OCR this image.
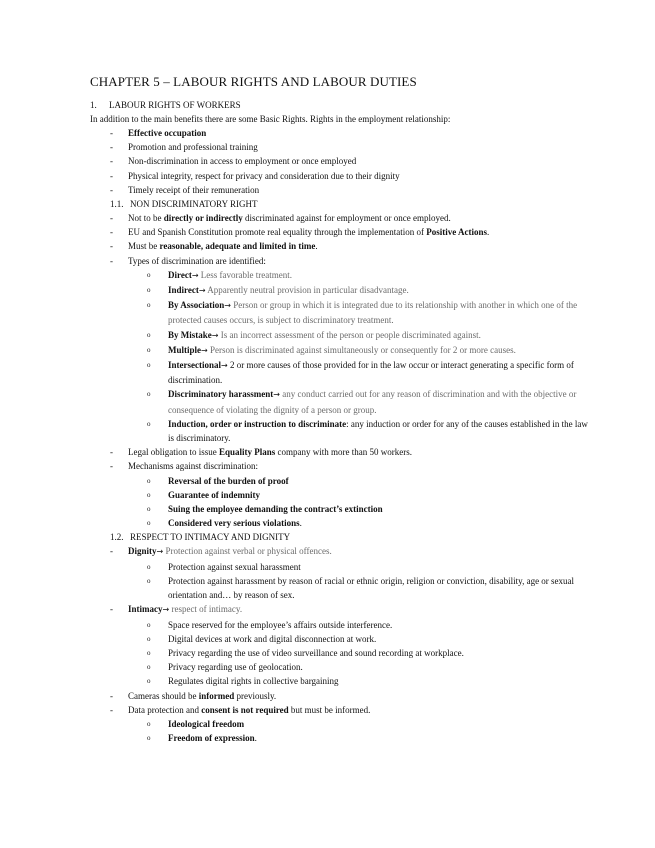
CHAPTER 5 – LABOUR RIGHTS AND LABOUR DUTIES

1. LABOUR RIGHTS OF WORKERS

In addition to the main benefits there are some Basic Rights. Rights in the employment relationship:

- Effective occupation
- Promotion and professional training
- Non-discrimination in access to employment or once employed
- Physical integrity, respect for privacy and consideration due to their dignity
- Timely receipt of their remuneration

1.1. NON DISCRIMINATORY RIGHT

- Not to be directly or indirectly discriminated against for employment or once employed.
- EU and Spanish Constitution promote real equality through the implementation of Positive Actions.
- Must be reasonable, adequate and limited in time.
- Types of discrimination are identified:
o Direct→ Less favorable treatment.
o Indirect→ Apparently neutral provision in particular disadvantage.
o By Association→ Person or group in which it is integrated due to its relationship with another in which one of the protected causes occurs, is subject to discriminatory treatment.
o By Mistake→ Is an incorrect assessment of the person or people discriminated against.
o Multiple→ Person is discriminated against simultaneously or consequently for 2 or more causes.
o Intersectional→ 2 or more causes of those provided for in the law occur or interact generating a specific form of discrimination.
o Discriminatory harassment→ any conduct carried out for any reason of discrimination and with the objective or consequence of violating the dignity of a person or group.
o Induction, order or instruction to discriminate: any induction or order for any of the causes established in the law is discriminatory.
- Legal obligation to issue Equality Plans company with more than 50 workers.
- Mechanisms against discrimination:
o Reversal of the burden of proof
o Guarantee of indemnity
o Suing the employee demanding the contract’s extinction
o Considered very serious violations.

1.2. RESPECT TO INTIMACY AND DIGNITY

- Dignity→ Protection against verbal or physical offences.
o Protection against sexual harassment
o Protection against harassment by reason of racial or ethnic origin, religion or conviction, disability, age or sexual orientation and… by reason of sex.
- Intimacy→ respect of intimacy.
o Space reserved for the employee’s affairs outside interference.
o Digital devices at work and digital disconnection at work.
o Privacy regarding the use of video surveillance and sound recording at workplace.
o Privacy regarding use of geolocation.
o Regulates digital rights in collective bargaining
- Cameras should be informed previously.
- Data protection and consent is not required but must be informed.
o Ideological freedom
o Freedom of expression.
